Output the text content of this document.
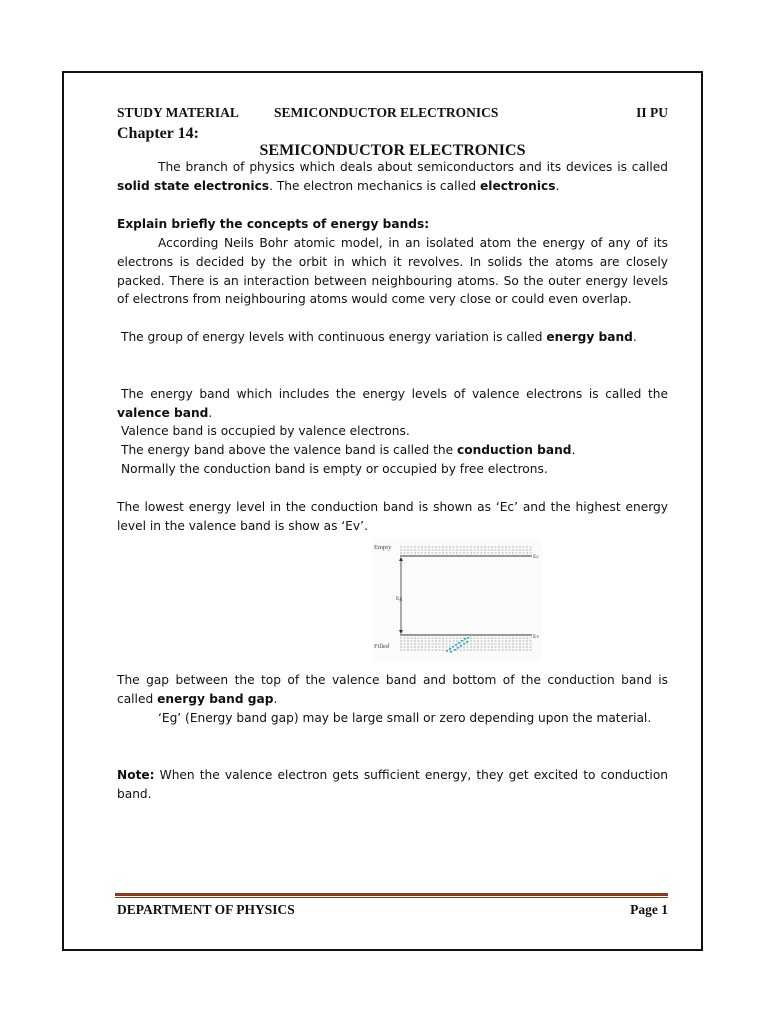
STUDY MATERIAL	SEMICONDUCTOR ELECTRONICS	II PU
Chapter 14:
SEMICONDUCTOR ELECTRONICS

The branch of physics which deals about semiconductors and its devices is called solid state electronics. The electron mechanics is called electronics.

Explain briefly the concepts of energy bands:

According Neils Bohr atomic model, in an isolated atom the energy of any of its electrons is decided by the orbit in which it revolves. In solids the atoms are closely packed. There is an interaction between neighbouring atoms. So the outer energy levels of electrons from neighbouring atoms would come very close or could even overlap.

The group of energy levels with continuous energy variation is called energy band.

The energy band which includes the energy levels of valence electrons is called the valence band.

Valence band is occupied by valence electrons.

The energy band above the valence band is called the conduction band.

Normally the conduction band is empty or occupied by free electrons.

The lowest energy level in the conduction band is shown as ‘Ec’ and the highest energy level in the valence band is show as ‘Ev’.

Empty
Filled
Ec
Ev
Eg

The gap between the top of the valence band and bottom of the conduction band is called energy band gap.

‘Eg’ (Energy band gap) may be large small or zero depending upon the material.

Note: When the valence electron gets sufficient energy, they get excited to conduction band.

DEPARTMENT OF PHYSICS	Page 1
